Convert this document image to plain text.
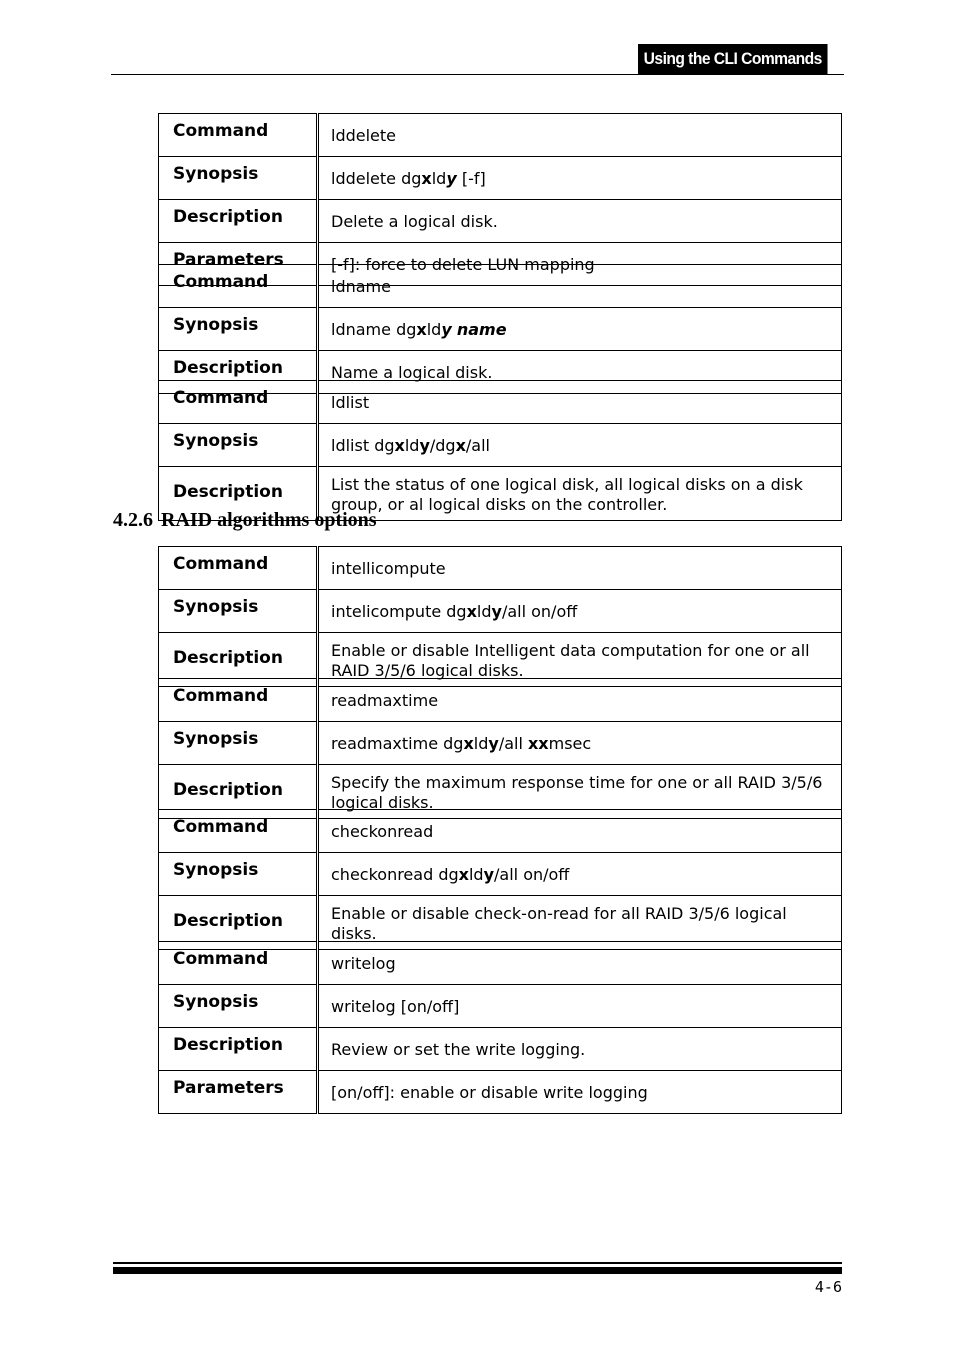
Using the CLI Commands
Command	lddelete
Synopsis	lddelete dgxldy [-f]
Description	Delete a logical disk.
Parameters	[-f]: force to delete LUN mapping
Command	ldname
Synopsis	ldname dgxldy name
Description	Name a logical disk.
Command	ldlist
Synopsis	ldlist dgxldy/dgx/all
Description	List the status of one logical disk, all logical disks on a disk group, or al logical disks on the controller.
4.2.6 RAID algorithms options
Command	intellicompute
Synopsis	intelicompute dgxldy/all on/off
Description	Enable or disable Intelligent data computation for one or all RAID 3/5/6 logical disks.
Command	readmaxtime
Synopsis	readmaxtime dgxldy/all xxmsec
Description	Specify the maximum response time for one or all RAID 3/5/6 logical disks.
Command	checkonread
Synopsis	checkonread dgxldy/all on/off
Description	Enable or disable check-on-read for all RAID 3/5/6 logical disks.
Command	writelog
Synopsis	writelog [on/off]
Description	Review or set the write logging.
Parameters	[on/off]: enable or disable write logging
4-6
